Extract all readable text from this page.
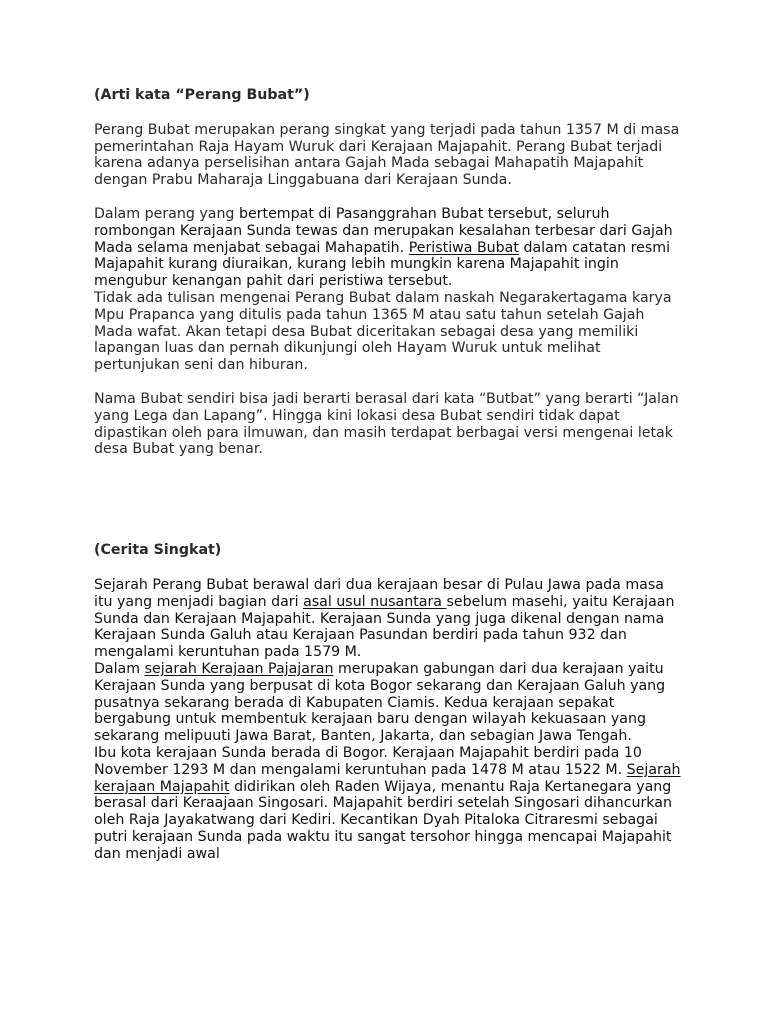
(Arti kata “Perang Bubat”)

Perang Bubat merupakan perang singkat yang terjadi pada tahun 1357 M di masa pemerintahan Raja Hayam Wuruk dari Kerajaan Majapahit. Perang Bubat terjadi karena adanya perselisihan antara Gajah Mada sebagai Mahapatih Majapahit dengan Prabu Maharaja Linggabuana dari Kerajaan Sunda.

Dalam perang yang bertempat di Pasanggrahan Bubat tersebut, seluruh rombongan Kerajaan Sunda tewas dan merupakan kesalahan terbesar dari Gajah Mada selama menjabat sebagai Mahapatih. Peristiwa Bubat dalam catatan resmi Majapahit kurang diuraikan, kurang lebih mungkin karena Majapahit ingin mengubur kenangan pahit dari peristiwa tersebut.

Tidak ada tulisan mengenai Perang Bubat dalam naskah Negarakertagama karya Mpu Prapanca yang ditulis pada tahun 1365 M atau satu tahun setelah Gajah Mada wafat. Akan tetapi desa Bubat diceritakan sebagai desa yang memiliki lapangan luas dan pernah dikunjungi oleh Hayam Wuruk untuk melihat pertunjukan seni dan hiburan.

Nama Bubat sendiri bisa jadi berarti berasal dari kata “Butbat” yang berarti “Jalan yang Lega dan Lapang”. Hingga kini lokasi desa Bubat sendiri tidak dapat dipastikan oleh para ilmuwan, dan masih terdapat berbagai versi mengenai letak desa Bubat yang benar.

(Cerita Singkat)

Sejarah Perang Bubat berawal dari dua kerajaan besar di Pulau Jawa pada masa itu yang menjadi bagian dari asal usul nusantara sebelum masehi, yaitu Kerajaan Sunda dan Kerajaan Majapahit. Kerajaan Sunda yang juga dikenal dengan nama Kerajaan Sunda Galuh atau Kerajaan Pasundan berdiri pada tahun 932 dan mengalami keruntuhan pada 1579 M.

Dalam sejarah Kerajaan Pajajaran merupakan gabungan dari dua kerajaan yaitu Kerajaan Sunda yang berpusat di kota Bogor sekarang dan Kerajaan Galuh yang pusatnya sekarang berada di Kabupaten Ciamis. Kedua kerajaan sepakat bergabung untuk membentuk kerajaan baru dengan wilayah kekuasaan yang sekarang melipuuti Jawa Barat, Banten, Jakarta, dan sebagian Jawa Tengah.

Ibu kota kerajaan Sunda berada di Bogor. Kerajaan Majapahit berdiri pada 10 November 1293 M dan mengalami keruntuhan pada 1478 M atau 1522 M. Sejarah kerajaan Majapahit didirikan oleh Raden Wijaya, menantu Raja Kertanegara yang berasal dari Keraajaan Singosari. Majapahit berdiri setelah Singosari dihancurkan oleh Raja Jayakatwang dari Kediri. Kecantikan Dyah Pitaloka Citraresmi sebagai putri kerajaan Sunda pada waktu itu sangat tersohor hingga mencapai Majapahit dan menjadi awal
